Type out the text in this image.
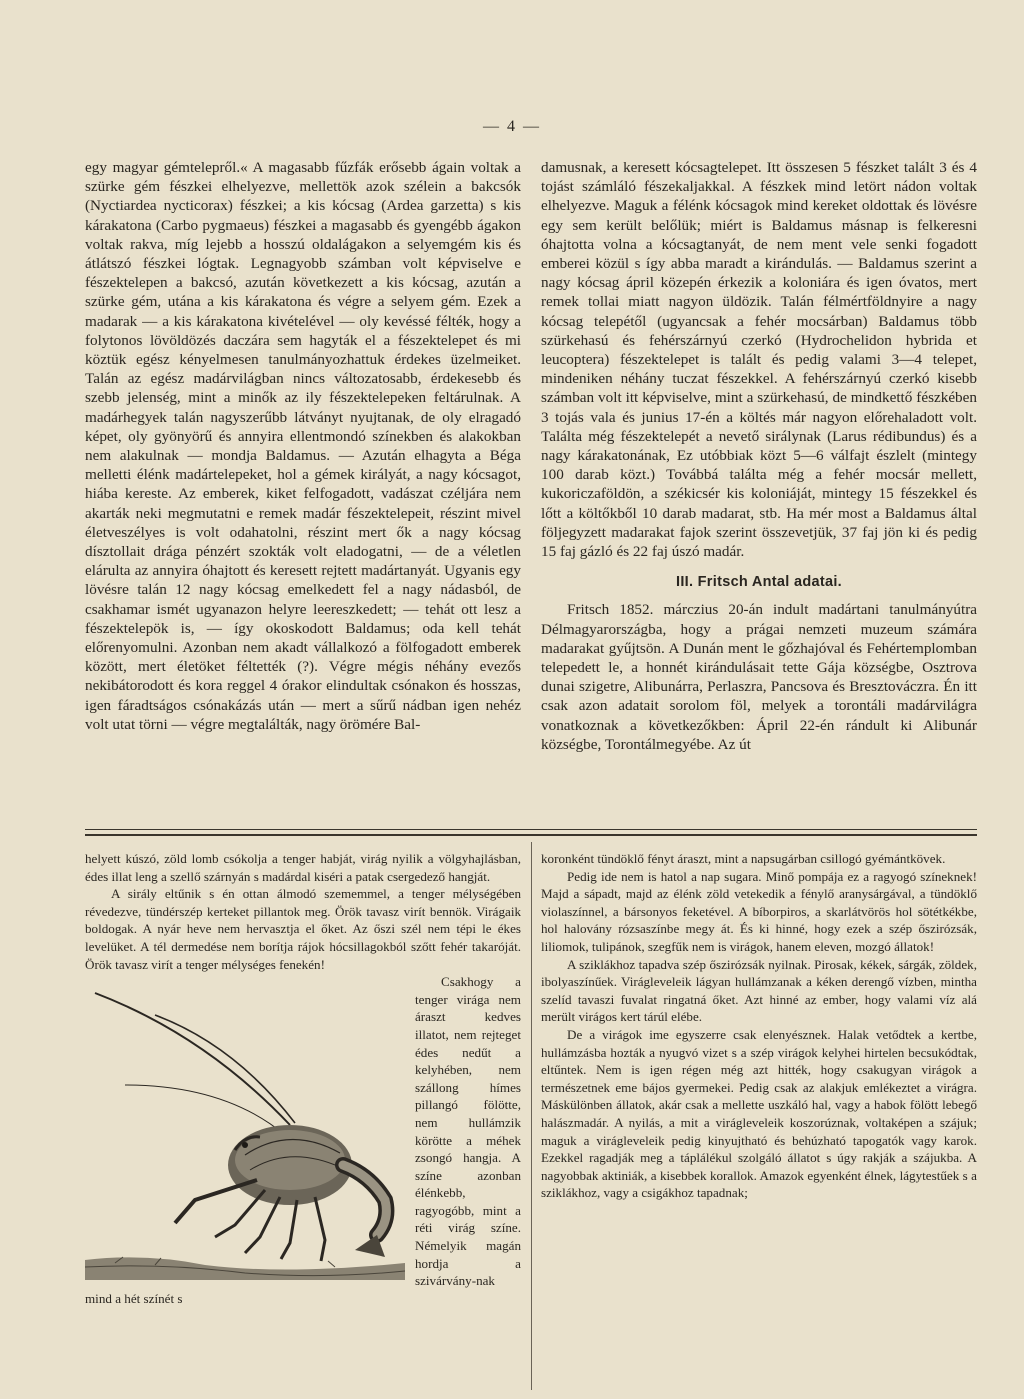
— 4 —

egy magyar gémtelepről.« A magasabb fűzfák erősebb ágain voltak a szürke gém fészkei elhelyezve, mellettök azok szélein a bakcsók (Nyctiardea nycticorax) fészkei; a kis kócsag (Ardea garzetta) s kis kárakatona (Carbo pygmaeus) fészkei a magasabb és gyengébb ágakon voltak rakva, míg lejebb a hosszú oldalágakon a selyemgém kis és átlátszó fészkei lógtak. Legnagyobb számban volt képviselve e fészektelepen a bakcsó, azután következett a kis kócsag, azután a szürke gém, utána a kis kárakatona és végre a selyem gém. Ezek a madarak — a kis kárakatona kivételével — oly kevéssé félték, hogy a folytonos lövöldözés daczára sem hagyták el a fészektelepet és mi köztük egész kényelmesen tanulmányozhattuk érdekes üzelmeiket. Talán az egész madárvilágban nincs változatosabb, érdekesebb és szebb jelenség, mint a minők az ily fészektelepeken feltárulnak. A madárhegyek talán nagyszerűbb látványt nyujtanak, de oly elragadó képet, oly gyönyörű és annyira ellentmondó színekben és alakokban nem alakulnak — mondja Baldamus. — Azután elhagyta a Béga melletti élénk madártelepeket, hol a gémek királyát, a nagy kócsagot, hiába kereste. Az emberek, kiket felfogadott, vadászat czéljára nem akarták neki megmutatni e remek madár fészektelepeit, részint mivel életveszélyes is volt odahatolni, részint mert ők a nagy kócsag dísztollait drága pénzért szokták volt eladogatni, — de a véletlen elárulta az annyira óhajtott és keresett rejtett madártanyát. Ugyanis egy lövésre talán 12 nagy kócsag emelkedett fel a nagy nádasból, de csakhamar ismét ugyanazon helyre leereszkedett; — tehát ott lesz a fészektelepök is, — így okoskodott Baldamus; oda kell tehát előrenyomulni. Azonban nem akadt vállalkozó a fölfogadott emberek között, mert életöket féltették (?). Végre mégis néhány evezős nekibátorodott és kora reggel 4 órakor elindultak csónakon és hosszas, igen fáradtságos csónakázás után — mert a sűrű nádban igen nehéz volt utat törni — végre megtalálták, nagy örömére Bal-

damusnak, a keresett kócsagtelepet. Itt összesen 5 fészket talált 3 és 4 tojást számláló fészekaljakkal. A fészkek mind letört nádon voltak elhelyezve. Maguk a félénk kócsagok mind kereket oldottak és lövésre egy sem került belőlük; miért is Baldamus másnap is felkeresni óhajtotta volna a kócsagtanyát, de nem ment vele senki fogadott emberei közül s így abba maradt a kirándulás. — Baldamus szerint a nagy kócsag ápril közepén érkezik a koloniára és igen óvatos, mert remek tollai miatt nagyon üldözik. Talán félmértföldnyire a nagy kócsag telepétől (ugyancsak a fehér mocsárban) Baldamus több szürkehasú és fehérszárnyú czerkó (Hydrochelidon hybrida et leucoptera) fészektelepet is talált és pedig valami 3—4 telepet, mindeniken néhány tuczat fészekkel. A fehérszárnyú czerkó kisebb számban volt itt képviselve, mint a szürkehasú, de mindkettő fészkében 3 tojás vala és junius 17-én a költés már nagyon előrehaladott volt. Találta még fészektelepét a nevető sirálynak (Larus rédibundus) és a nagy kárakatonának, Ez utóbbiak közt 5—6 válfajt észlelt (mintegy 100 darab közt.) Továbbá találta még a fehér mocsár mellett, kukoriczaföldön, a székicsér kis koloniáját, mintegy 15 fészekkel és lőtt a költőkből 10 darab madarat, stb. Ha mér most a Baldamus által följegyzett madarakat fajok szerint összevetjük, 37 faj jön ki és pedig 15 faj gázló és 22 faj úszó madár.

III. Fritsch Antal adatai.

Fritsch 1852. márczius 20-án indult madártani tanulmányútra Délmagyarországba, hogy a prágai nemzeti muzeum számára madarakat gyűjtsön. A Dunán ment le gőzhajóval és Fehértemplomban telepedett le, a honnét kirándulásait tette Gája községbe, Osztrova dunai szigetre, Alibunárra, Perlaszra, Pancsova és Bresztováczra. Én itt csak azon adatait sorolom föl, melyek a torontáli madárvilágra vonatkoznak a következőkben: Ápril 22-én rándult ki Alibunár községbe, Torontálmegyébe. Az út

helyett kúszó, zöld lomb csókolja a tenger habját, virág nyilik a völgyhajlásban, édes illat leng a szellő szárnyán s madárdal kiséri a patak csergedező hangját.

A sirály eltűnik s én ottan álmodó szememmel, a tenger mélységében révedezve, tündérszép kerteket pillantok meg. Örök tavasz virít bennök. Virágaik boldogak. A nyár heve nem hervasztja el őket. Az őszi szél nem tépi le ékes levelüket. A tél dermedése nem borítja rájok hócsillagokból szőtt fehér takaróját. Örök tavasz virít a tenger mélységes fenekén!

Csakhogy a tenger virága nem áraszt kedves illatot, nem rejteget édes nedűt a kelyhében, nem szállong hímes pillangó fölötte, nem hullámzik körötte a méhek zsongó hangja. A színe azonban élénkebb, ragyogóbb, mint a réti virág színe. Némelyik magán hordja a szivárvány-nak mind a hét színét s

koronként tündöklő fényt áraszt, mint a napsugárban csillogó gyémántkövek.

Pedig ide nem is hatol a nap sugara. Minő pompája ez a ragyogó színeknek! Majd a sápadt, majd az élénk zöld vetekedik a fénylő aranysárgával, a tündöklő violaszínnel, a bársonyos feketével. A bíborpiros, a skarlátvörös hol sötétkékbe, hol halovány rózsaszínbe megy át. És ki hinné, hogy ezek a szép őszirózsák, liliomok, tulipánok, szegfűk nem is virágok, hanem eleven, mozgó állatok!

A sziklákhoz tapadva szép őszirózsák nyilnak. Pirosak, kékek, sárgák, zöldek, ibolyaszínűek. Virágleveleik lágyan hullámzanak a kéken derengő vízben, mintha szelíd tavaszi fuvalat ringatná őket. Azt hinné az ember, hogy valami víz alá merült virágos kert tárúl elébe.

De a virágok ime egyszerre csak elenyésznek. Halak vetődtek a kertbe, hullámzásba hozták a nyugvó vizet s a szép virágok kelyhei hirtelen becsukódtak, eltűntek. Nem is igen régen még azt hitték, hogy csakugyan virágok a természetnek eme bájos gyermekei. Pedig csak az alakjuk emlékeztet a virágra. Máskülönben állatok, akár csak a mellette uszkáló hal, vagy a habok fölött lebegő halászmadár. A nyilás, a mit a virágleveleik koszorúznak, voltaképen a szájuk; maguk a virágleveleik pedig kinyujtható és behúzható tapogatók vagy karok. Ezekkel ragadják meg a táplálékul szolgáló állatot s úgy rakják a szájukba. A nagyobbak aktiniák, a kisebbek korallok. Amazok egyenként élnek, lágytestűek s a sziklákhoz, vagy a csigákhoz tapadnak;
